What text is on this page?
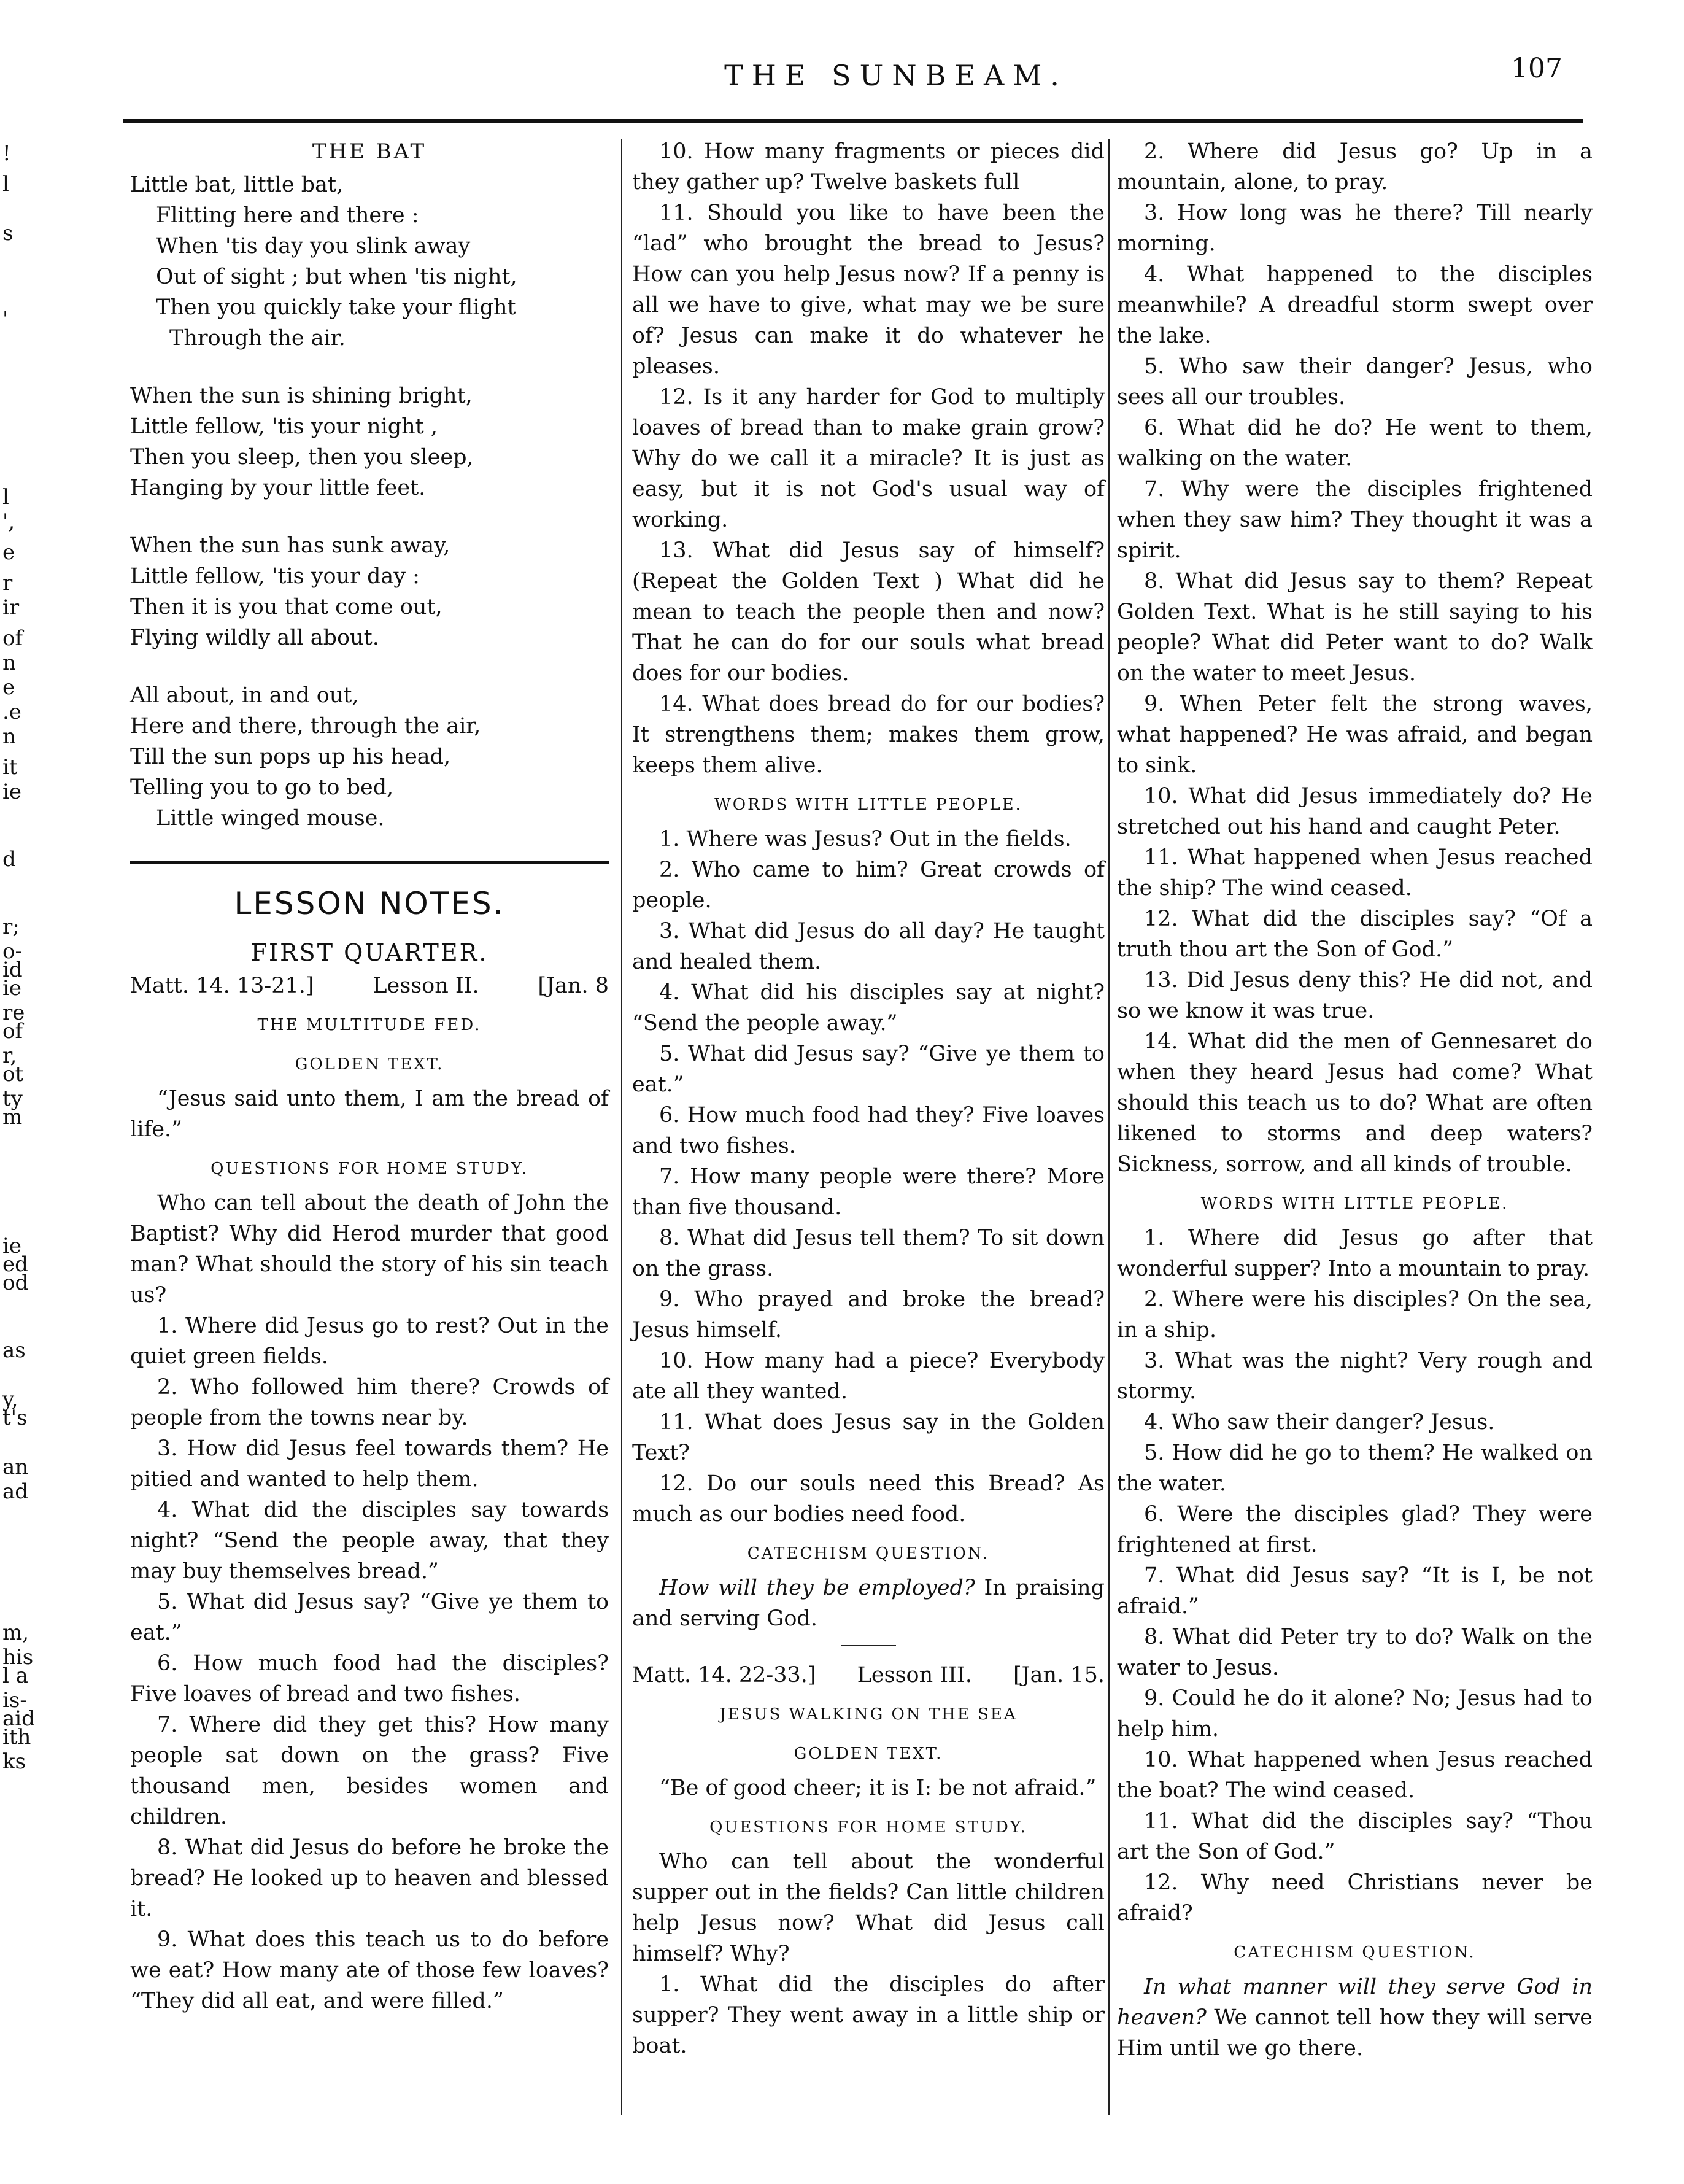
THE SUNBEAM.	107
!
l
s
'
l
',
e
r
ir
of
n
e
.e
n
it
ie
d
r;
o-
id
ie
re
of
r,
ot
ty
m
ie
ed
od
as
y,
t's
an
ad
m,
his
l a
is-
aid
ith
ks
THE BAT
Little bat, little bat,
Flitting here and there :
When 'tis day you slink away
Out of sight ; but when 'tis night,
Then you quickly take your flight
Through the air.
When the sun is shining bright,
Little fellow, 'tis your night ,
Then you sleep, then you sleep,
Hanging by your little feet.
When the sun has sunk away,
Little fellow, 'tis your day :
Then it is you that come out,
Flying wildly all about.
All about, in and out,
Here and there, through the air,
Till the sun pops up his head,
Telling you to go to bed,
Little winged mouse.
LESSON NOTES.
FIRST QUARTER.
Matt. 14. 13-21.]	Lesson II.	[Jan. 8
THE MULTITUDE FED.
GOLDEN TEXT.

“Jesus said unto them, I am the bread of life.”

QUESTIONS FOR HOME STUDY.

Who can tell about the death of John the Baptist? Why did Herod murder that good man? What should the story of his sin teach us?

1. Where did Jesus go to rest? Out in the quiet green fields.

2. Who followed him there? Crowds of people from the towns near by.

3. How did Jesus feel towards them? He pitied and wanted to help them.

4. What did the disciples say towards night? “Send the people away, that they may buy themselves bread.”

5. What did Jesus say? “Give ye them to eat.”

6. How much food had the disciples? Five loaves of bread and two fishes.

7. Where did they get this? How many people sat down on the grass? Five thousand men, besides women and children.

8. What did Jesus do before he broke the bread? He looked up to heaven and blessed it.

9. What does this teach us to do before we eat? How many ate of those few loaves? “They did all eat, and were filled.”

10. How many fragments or pieces did they gather up? Twelve baskets full

11. Should you like to have been the “lad” who brought the bread to Jesus? How can you help Jesus now? If a penny is all we have to give, what may we be sure of? Jesus can make it do whatever he pleases.

12. Is it any harder for God to multiply loaves of bread than to make grain grow? Why do we call it a miracle? It is just as easy, but it is not God's usual way of working.

13. What did Jesus say of himself? (Repeat the Golden Text ) What did he mean to teach the people then and now? That he can do for our souls what bread does for our bodies.

14. What does bread do for our bodies? It strengthens them; makes them grow, keeps them alive.

WORDS WITH LITTLE PEOPLE.

1. Where was Jesus? Out in the fields.

2. Who came to him? Great crowds of people.

3. What did Jesus do all day? He taught and healed them.

4. What did his disciples say at night? “Send the people away.”

5. What did Jesus say? “Give ye them to eat.”

6. How much food had they? Five loaves and two fishes.

7. How many people were there? More than five thousand.

8. What did Jesus tell them? To sit down on the grass.

9. Who prayed and broke the bread? Jesus himself.

10. How many had a piece? Everybody ate all they wanted.

11. What does Jesus say in the Golden Text?

12. Do our souls need this Bread? As much as our bodies need food.

CATECHISM QUESTION.

How will they be employed? In praising and serving God.

Matt. 14. 22-33.] Lesson III. [Jan. 15.
JESUS WALKING ON THE SEA
GOLDEN TEXT.

“Be of good cheer; it is I: be not afraid.”

QUESTIONS FOR HOME STUDY.

Who can tell about the wonderful supper out in the fields? Can little children help Jesus now? What did Jesus call himself? Why?

1. What did the disciples do after supper? They went away in a little ship or boat.

2. Where did Jesus go? Up in a mountain, alone, to pray.

3. How long was he there? Till nearly morning.

4. What happened to the disciples meanwhile? A dreadful storm swept over the lake.

5. Who saw their danger? Jesus, who sees all our troubles.

6. What did he do? He went to them, walking on the water.

7. Why were the disciples frightened when they saw him? They thought it was a spirit.

8. What did Jesus say to them? Repeat Golden Text. What is he still saying to his people? What did Peter want to do? Walk on the water to meet Jesus.

9. When Peter felt the strong waves, what happened? He was afraid, and began to sink.

10. What did Jesus immediately do? He stretched out his hand and caught Peter.

11. What happened when Jesus reached the ship? The wind ceased.

12. What did the disciples say? “Of a truth thou art the Son of God.”

13. Did Jesus deny this? He did not, and so we know it was true.

14. What did the men of Gennesaret do when they heard Jesus had come? What should this teach us to do? What are often likened to storms and deep waters? Sickness, sorrow, and all kinds of trouble.

WORDS WITH LITTLE PEOPLE.

1. Where did Jesus go after that wonderful supper? Into a mountain to pray.

2. Where were his disciples? On the sea, in a ship.

3. What was the night? Very rough and stormy.

4. Who saw their danger? Jesus.

5. How did he go to them? He walked on the water.

6. Were the disciples glad? They were frightened at first.

7. What did Jesus say? “It is I, be not afraid.”

8. What did Peter try to do? Walk on the water to Jesus.

9. Could he do it alone? No; Jesus had to help him.

10. What happened when Jesus reached the boat? The wind ceased.

11. What did the disciples say? “Thou art the Son of God.”

12. Why need Christians never be afraid?

CATECHISM QUESTION.

In what manner will they serve God in heaven? We cannot tell how they will serve Him until we go there.
